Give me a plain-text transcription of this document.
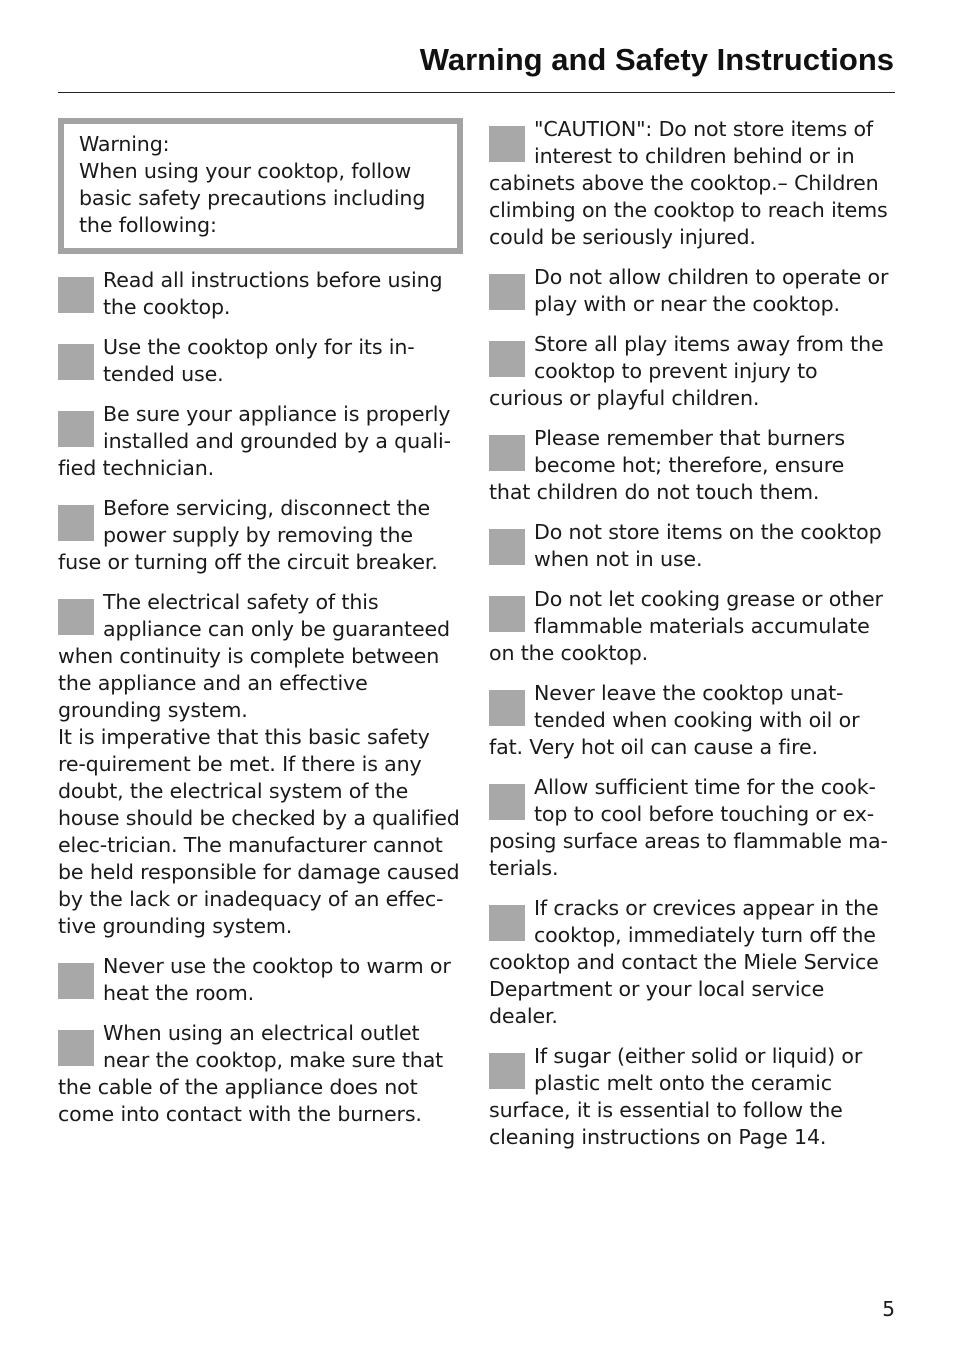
Warning and Safety Instructions
Warning:
When using your cooktop, follow basic safety precautions including the following:

Read all instructions before using the cooktop.

Use the cooktop only for its in-tended use.

Be sure your appliance is properly installed and grounded by a quali-fied technician.

Before servicing, disconnect the power supply by removing the fuse or turning off the circuit breaker.

The electrical safety of this appliance can only be guaranteed when continuity is complete between the appliance and an effective grounding system.

It is imperative that this basic safety re-quirement be met. If there is any doubt, the electrical system of the house should be checked by a qualified elec-trician. The manufacturer cannot be held responsible for damage caused by the lack or inadequacy of an effec-tive grounding system.

Never use the cooktop to warm or heat the room.

When using an electrical outlet near the cooktop, make sure that the cable of the appliance does not come into contact with the burners.

"CAUTION": Do not store items of interest to children behind or in cabinets above the cooktop.– Children climbing on the cooktop to reach items could be seriously injured.

Do not allow children to operate or play with or near the cooktop.

Store all play items away from the cooktop to prevent injury to curious or playful children.

Please remember that burners become hot; therefore, ensure that children do not touch them.

Do not store items on the cooktop when not in use.

Do not let cooking grease or other flammable materials accumulate on the cooktop.

Never leave the cooktop unat-tended when cooking with oil or fat. Very hot oil can cause a fire.

Allow sufficient time for the cook-top to cool before touching or ex-posing surface areas to flammable ma-terials.

If cracks or crevices appear in the cooktop, immediately turn off the cooktop and contact the Miele Service Department or your local service dealer.

If sugar (either solid or liquid) or plastic melt onto the ceramic surface, it is essential to follow the cleaning instructions on Page 14.

5
